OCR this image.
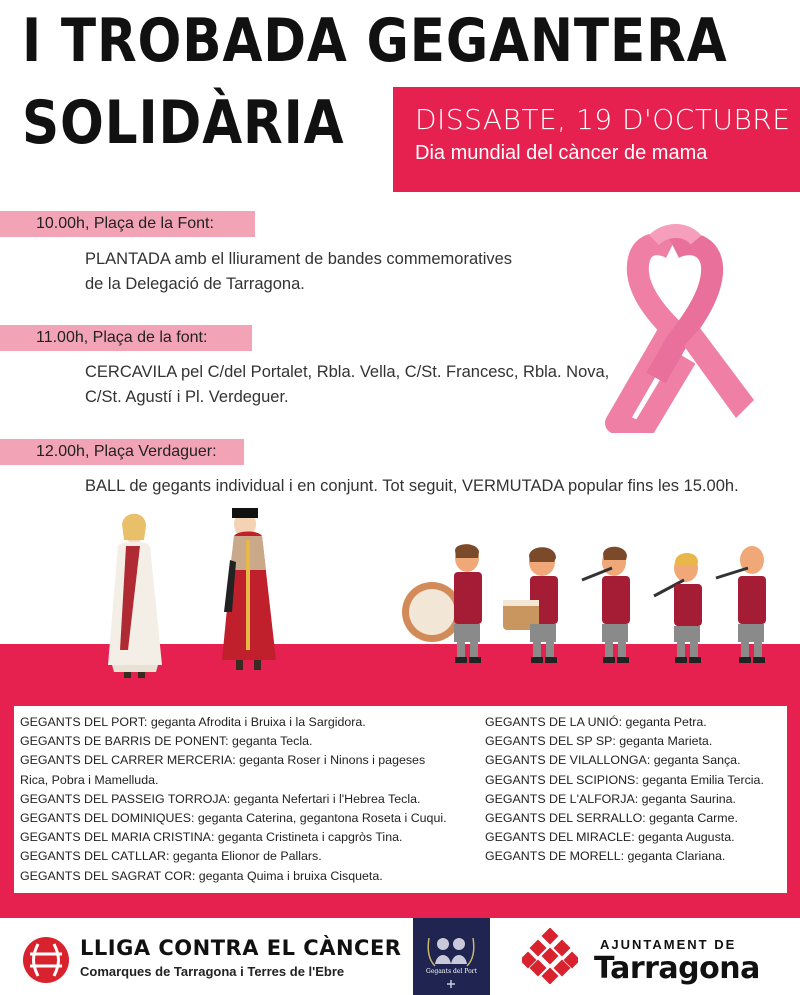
I TROBADA GEGANTERA
SOLIDÀRIA	DISSABTE, 19 D'OCTUBRE
Dia mundial del càncer de mama
10.00h, Plaça de la Font:
PLANTADA amb el lliurament de bandes commemoratives
de la Delegació de Tarragona.
11.00h, Plaça de la font:
CERCAVILA pel C/del Portalet, Rbla. Vella, C/St. Francesc, Rbla. Nova,
C/St. Agustí i Pl. Verdeguer.
12.00h, Plaça Verdaguer:
BALL de gegants individual i en conjunt. Tot seguit, VERMUTADA popular fins les 15.00h.
GEGANTS DEL PORT: geganta Afrodita i Bruixa i la Sargidora.
GEGANTS DE BARRIS DE PONENT: geganta Tecla.
GEGANTS DEL CARRER MERCERIA: geganta Roser i Ninons i pageses
Rica, Pobra i Mamelluda.
GEGANTS DEL PASSEIG TORROJA: geganta Nefertari i l'Hebrea Tecla.
GEGANTS DEL DOMINIQUES: geganta Caterina, gegantona Roseta i Cuqui.
GEGANTS DEL MARIA CRISTINA: geganta Cristineta i capgròs Tina.
GEGANTS DEL CATLLAR: geganta Elionor de Pallars.
GEGANTS DEL SAGRAT COR: geganta Quima i bruixa Cisqueta.
GEGANTS DE LA UNIÓ: geganta Petra.
GEGANTS DEL SP SP: geganta Marieta.
GEGANTS DE VILALLONGA: geganta Sança.
GEGANTS DEL SCIPIONS: geganta Emilia Tercia.
GEGANTS DE L'ALFORJA: geganta Saurina.
GEGANTS DEL SERRALLO: geganta Carme.
GEGANTS DEL MIRACLE: geganta Augusta.
GEGANTS DE MORELL: geganta Clariana.
LLIGA CONTRA EL CÀNCER
Comarques de Tarragona i Terres de l'Ebre	Gegants del Port
AJUNTAMENT DE
Tarragona
